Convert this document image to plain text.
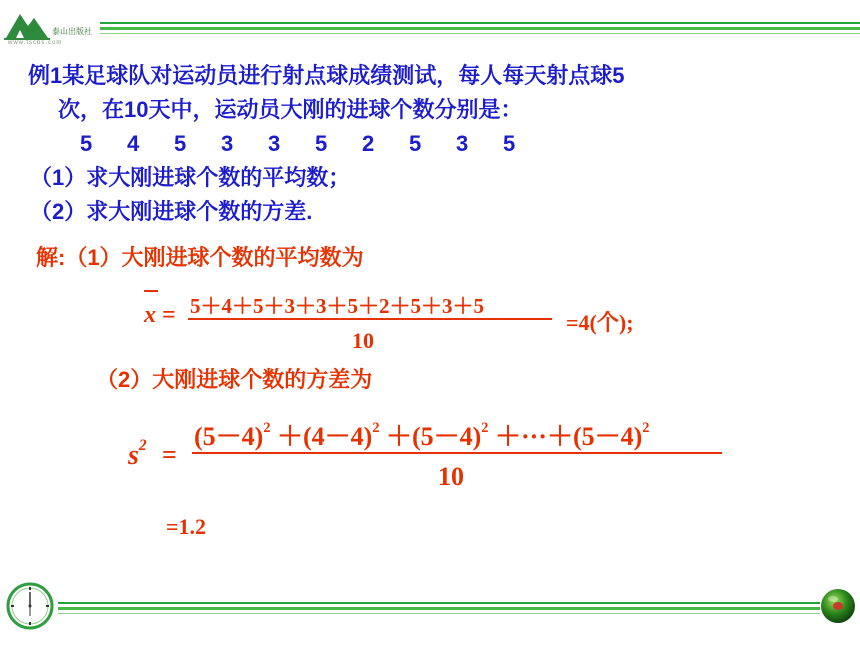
泰山出版社
www.tscbs.com
例1某足球队对运动员进行射点球成绩测试，每人每天射点球5
次，在10天中，运动员大刚的进球个数分别是：
5 4 5 3 3 5 2 5 3 5
（1）求大刚进球个数的平均数；
（2）求大刚进球个数的方差.
解:（1）大刚进球个数的平均数为
x = 5＋4＋5＋3＋3＋5＋2＋5＋3＋5
10
=4(个);
（2）大刚进球个数的方差为
$s^2$ =
$(5-4)^2 +(4-4)^2 +(5-4)^2 +\cdot\cdot\cdot+(5-4)^2$
10
=1.2
